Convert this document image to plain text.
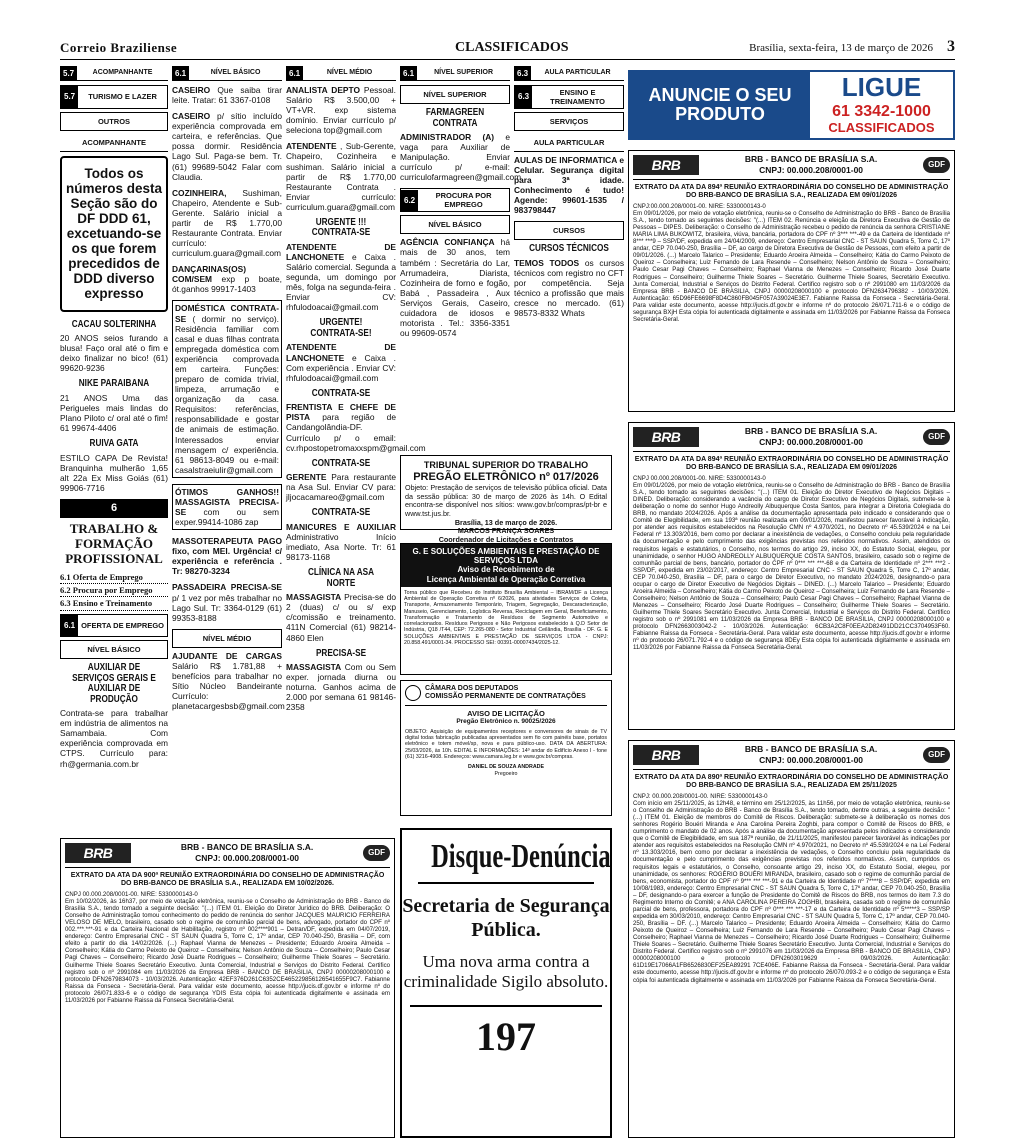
Correio Braziliense	CLASSIFICADOS	Brasília, sexta-feira, 13 de março de 2026 3
5.7	ACOMPANHANTE
5.7	TURISMO E LAZER
OUTROS
ACOMPANHANTE
Todos os números desta Seção são do DF DDD 61, excetuando-se os que forem precedidos de DDD diverso expresso
CACAU SOLTERINHA
20 ANOS seios furando a blusa! Faço oral até o fim e deixo finalizar no bico! (61) 99620-9236
NIKE PARAIBANA
21 ANOS Uma das Perigueles mais lindas do Plano Piloto c/ oral até o fim! 61 99674-4406
RUIVA GATA
ESTILO CAPA De Revista! Branquinha mulherão 1,65 alt 22a Ex Miss Goiás (61) 99906-7716
6
TRABALHO & FORMAÇÃO PROFISSIONAL
6.1 Oferta de Emprego
6.2 Procura por Emprego
6.3 Ensino e Treinamento
6.1 OFERTA DE EMPREGO
NÍVEL BÁSICO
AUXILIAR DE SERVIÇOS GERAIS E AUXILIAR DE PRODUÇÃO
Contrata-se para trabalhar em indústria de alimentos na Samambaia. Com experiência comprovada em CTPS. Currículo para: rh@germania.com.br
6.1	NÍVEL BÁSICO
CASEIRO Que saiba tirar leite. Tratar: 61 3367-0108
CASEIRO p/ sítio incluído experiência comprovada em carteira, e referências. Que possa dormir. Residência Lago Sul. Paga-se bem. Tr. (61) 99689-5042 Falar com Claudia.
COZINHEIRA, Sushiman, Chapeiro, Atendente e Sub-Gerente. Salário inicial a partir de R$ 1.770,00 Restaurante Contrata. Enviar currículo: curriculum.guara@gmail.com
DANÇARINAS(OS) COM/SEM exp p boate, ót.ganhos 99917-1403
DOMÉSTICA CONTRATA-SE ( dormir no serviço). Residência familiar com casal e duas filhas contrata empregada doméstica com experiência comprovada em carteira. Funções: preparo de comida trivial, limpeza, arrumação e organização da casa. Requisitos: referências, responsabilidade e gostar de animais de estimação. Interessados enviar mensagem c/ experiência. 61 98613-8049 ou e-mail: casalstraeiulir@gmail.com
ÓTIMOS GANHOS!! MASSAGISTA PRECISA-SE com ou sem exper.99414-1086 zap
MASSOTERAPEUTA PAGO fixo, com MEI. Urgência! c/ experiência e referência . Tr: 98270-3234
PASSADEIRA PRECISA-SE p/ 1 vez por mês trabalhar no Lago Sul. Tr: 3364-0129 (61) 99353-8188
NÍVEL MÉDIO
AJUDANTE DE CARGAS Salário R$ 1.781,88 + benefícios para trabalhar no Sítio Núcleo Bandeirante Currículo: planetacargesbsb@gmail.com
6.1	NÍVEL MÉDIO
ANALISTA DEPTO Pessoal. Salário R$ 3.500,00 + VT+VR. exp sistema domínio. Enviar currículo p/ seleciona top@gmail.com
ATENDENTE , Sub-Gerente, Chapeiro, Cozinheira e sushiman. Salário inicial a partir de R$ 1.770,00 Restaurante Contrata . Enviar currículo: curriculum.guara@gmail.com
URGENTE !!! CONTRATA-SE
ATENDENTE DE LANCHONETE e Caixa . Salário comercial. Segunda a segunda, um domingo por mês, folga na segunda-feira . Enviar CV: rhfulodoacai@gmail.com
URGENTE! CONTRATA-SE!
ATENDENTE DE LANCHONETE e Caixa . Com experiência . Enviar CV: rhfulodoacai@gmail.com
CONTRATA-SE
FRENTISTA E CHEFE DE PISTA para região de Candangolândia-DF. Currículo p/ o email: cv.rhpostopetromaxxspm@gmail.com
CONTRATA-SE
GERENTE Para restaurante na Asa Sul. Enviar CV para: jljocacamareo@gmail.com
CONTRATA-SE
MANICURES E AUXILIAR Administrativo Início imediato, Asa Norte. Tr: 61 98173-1168
CLÍNICA NA ASA NORTE
MASSAGISTA Precisa-se do 2 (duas) c/ ou s/ exp c/comissão e treinamento. 411N Comercial (61) 98214-4860 Elen
PRECISA-SE
MASSAGISTA Com ou Sem exper. jornada diurna ou noturna. Ganhos acima de 2.000 por semana 61 98146-2358
6.1	NÍVEL SUPERIOR
NÍVEL SUPERIOR
FARMAGREEN CONTRATA
ADMINISTRADOR (A) e vaga para Auxiliar de Manipulação. Enviar currículo p/ e-mail: curriculofarmagreen@gmail.com
6.2	PROCURA POR EMPREGO
NÍVEL BÁSICO
AGÊNCIA CONFIANÇA há mais de 30 anos, tem também : Secretária do Lar, Arrumadeira, Diarista, Cozinheira de forno e fogão, Babá , Passadeira , Aux Serviços Gerais, Caseiro, cuidadora de idosos e motorista . Tel.: 3356-3351 ou 99609-0574
6.3	AULA PARTICULAR
6.3	ENSINO E TREINAMENTO
SERVIÇOS
AULA PARTICULAR
AULAS DE INFORMATICA e Celular. Segurança digital para 3ª idade. Conhecimento é tudo! Agende: 99601-1535 / 983798447
CURSOS
CURSOS TÉCNICOS
TEMOS TODOS os cursos técnicos com registro no CFT por competência. Seja técnico a profissão que mais cresce no mercado. (61) 98573-8332 Whats
ANUNCIE O SEU PRODUTO
LIGUE
61 3342-1000
CLASSIFICADOS
BRB	BRB - BANCO DE BRASÍLIA S.A.
CNPJ: 00.000.208/0001-00
GDF
EXTRATO DA ATA DA 894ª REUNIÃO EXTRAORDINÁRIA DO CONSELHO DE ADMINISTRAÇÃO DO BRB-BANCO DE BRASÍLIA S.A., REALIZADA EM 09/01/2026
CNPJ:00.000.208/0001-00. NIRE: 5330000143-0
Em 09/01/2026, por meio de votação eletrônica, reuniu-se o Conselho de Administração do BRB - Banco de Brasília S.A., tendo tomado as seguintes decisões: "(...) ITEM 02. Renúncia e eleição da Diretora Executiva de Gestão de Pessoas – DIPES. Deliberação: o Conselho de Administração recebeu o pedido de renúncia da senhora CRISTIANE MARIA LIMA BUKOWITZ, brasileira, viúva, bancária, portadora do CPF nº 3*** ***-49 e da Carteira de Identidade nº 8*** ***9 – SSP/DF, expedida em 24/04/2009, endereço: Centro Empresarial CNC - ST SAUN Quadra 5, Torre C, 17º andar, CEP 70.040-250, Brasília – DF, ao cargo de Diretora Executiva de Gestão de Pessoas, com efeito a partir de 09/01/2026. (...) Marcelo Talarico – Presidente; Eduardo Aroeira Almeida – Conselheiro; Kátia do Carmo Peixoto de Queiroz – Conselheira; Luiz Fernando de Lara Resende – Conselheiro; Nelson Antônio de Souza – Conselheiro; Paulo Cesar Pagi Chaves – Conselheiro; Raphael Vianna de Menezes – Conselheiro; Ricardo José Duarte Rodrigues – Conselheiro; Guilherme Thiele Soares – Secretário. Guilherme Thiele Soares, Secretário Executivo. Junta Comercial, Industrial e Serviços do Distrito Federal. Certifico registro sob o nº 2991080 em 11/03/2026 da Empresa BRB - BANCO DE BRASILIA, CNPJ 00000208000100 e protocolo DFN2634796382 - 10/03/2026. Autenticação: 65D96FE6698F8D4C860FB045F057A39024E3E7. Fabianne Raissa da Fonseca - Secretária-Geral. Para validar este documento, acesse http://jucis.df.gov.br e informe nº do protocolo 26/071.711-6 e o código de segurança BXjH Esta cópia foi autenticada digitalmente e assinada em 11/03/2026 por Fabianne Raissa da Fonseca Secretária-Geral.
BRB	BRB - BANCO DE BRASÍLIA S.A.
CNPJ: 00.000.208/0001-00
GDF
EXTRATO DA ATA DA 894ª REUNIÃO EXTRAORDINÁRIA DO CONSELHO DE ADMINISTRAÇÃO DO BRB-BANCO DE BRASÍLIA S.A., REALIZADA EM 09/01/2026
CNPJ 00.000.208/0001-00. NIRE: 5330000143-0
Em 09/01/2026, por meio de votação eletrônica, reuniu-se o Conselho de Administração do BRB - Banco de Brasília S.A., tendo tomado as seguintes decisões: "(...) ITEM 01. Eleição do Diretor Executivo de Negócios Digitais – DINED. Deliberação: considerando a vacância do cargo de Diretor Executivo de Negócios Digitais, submete-se à deliberação o nome do senhor Hugo Andreolly Albuquerque Costa Santos, para integrar a Diretoria Colegiada do BRB, no mandato 2024/2026. Após a análise da documentação apresentada pelo indicado e considerando que o Comitê de Elegibilidade, em sua 193ª reunião realizada em 09/01/2026, manifestou parecer favorável à indicação, por atender aos requisitos estabelecidos na Resolução CMN nº 4.970/2021, no Decreto nº 45.539/2024 e na Lei Federal nº 13.303/2016, bem como por declarar a inexistência de vedações, o Conselho concluiu pela regularidade da documentação e pelo cumprimento das exigências previstas nos referidos normativos. Assim, atendidos os requisitos legais e estatutários, o Conselho, nos termos do artigo 29, inciso XX, do Estatuto Social, elegeu, por unanimidade, o senhor HUGO ANDREOLLY ALBUQUERQUE COSTA SANTOS, brasileiro, casado sob o regime de comunhão parcial de bens, bancário, portador do CPF nº 0*** *** ***-68 e da Carteira de Identidade nº 2*** ***2 - SSP/DF, expedida em 23/02/2017, endereço: Centro Empresarial CNC - ST SAUN Quadra 5, Torre C, 17º andar, CEP 70.040-250, Brasília – DF, para o cargo de Diretor Executivo, no mandato 2024/2026, designando-o para ocupar o cargo de Diretor Executivo de Negócios Digitais – DINED. (...) Marcelo Talarico – Presidente; Eduardo Aroeira Almeida – Conselheiro; Kátia do Carmo Peixoto de Queiroz – Conselheira; Luiz Fernando de Lara Resende – Conselheiro; Nelson Antônio de Souza – Conselheiro; Paulo Cesar Pagi Chaves – Conselheiro; Raphael Vianna de Menezes – Conselheiro; Ricardo José Duarte Rodrigues – Conselheiro; Guilherme Thiele Soares – Secretário. Guilherme Thiele Soares Secretário Executivo. Junta Comercial, Industrial e Serviços do Distrito Federal. Certifico registro sob o nº 2991081 em 11/03/2026 da Empresa BRB - BANCO DE BRASILIA, CNPJ 00000208000100 e protocolo DFN2663003042-2 - 10/03/2026. Autenticação: 6CB3A2C8F0EEA2D82491DD21CC3704953F60. Fabianne Raissa da Fonseca - Secretária-Geral. Para validar este documento, acesse http://jucis.df.gov.br e informe nº do protocolo 26/071.792-4 e o código de segurança 8DEy Esta cópia foi autenticada digitalmente e assinada em 11/03/2026 por Fabianne Raissa da Fonseca Secretária-Geral.
BRB	BRB - BANCO DE BRASÍLIA S.A.
CNPJ: 00.000.208/0001-00
GDF
EXTRATO DA ATA DA 890ª REUNIÃO EXTRAORDINÁRIA DO CONSELHO DE ADMINISTRAÇÃO DO BRB-BANCO DE BRASÍLIA S.A., REALIZADA EM 25/11/2025
CNPJ: 00.000.208/0001-00. NIRE: 5330000143-0
Com início em 25/11/2025, às 12h48, e término em 25/12/2025, às 11h56, por meio de votação eletrônica, reuniu-se o Conselho de Administração do BRB - Banco de Brasília S.A., tendo tomado, dentre outras, a seguinte decisão: "(...) ITEM 01. Eleição de membros do Comitê de Riscos. Deliberação: submete-se à deliberação os nomes dos senhores Rogério Bouéri Miranda e Ana Carolina Pereira Zoghbi, para compor o Comitê de Riscos do BRB, e cumprimento o mandato de 02 anos. Após a análise da documentação apresentada pelos indicados e considerando que o Comitê de Elegibilidade, em sua 187ª reunião, de 21/11/2025, manifestou parecer favorável às indicações por atender aos requisitos estabelecidos na Resolução CMN nº 4.970/2021, no Decreto nº 45.539/2024 e na Lei Federal nº 13.303/2016, bem como por declarar a inexistência de vedações, o Conselho concluiu pela regularidade da documentação e pelo cumprimento das exigências previstas nos referidos normativos. Assim, cumpridos os requisitos legais e estatutários, o Conselho, consoante artigo 29, inciso XX, do Estatuto Social, elegeu, por unanimidade, os senhores: ROGÉRIO BOUÉRI MIRANDA, brasileiro, casado sob o regime de comunhão parcial de bens, economista, portador do CPF nº 9*** *** ***-91 e da Carteira de Identidade nº 7****8 – SSP/DF, expedida em 10/08/1983, endereço: Centro Empresarial CNC - ST SAUN Quadra 5, Torre C, 17º andar, CEP 70.040-250, Brasília – DF, designando-o para exercer a função de Presidente do Comitê de Riscos do BRB, nos termos do item 7.3 do Regimento Interno do Comitê; e ANA CAROLINA PEREIRA ZOGHBI, brasileira, casada sob o regime de comunhão parcial de bens, professora, portadora do CPF nº 0*** *** ***-17 e da Carteira de Identidade nº 5*****3 – SSP/SP expedida em 30/03/2010, endereço: Centro Empresarial CNC - ST SAUN Quadra 5, Torre C, 17º andar, CEP 70.040-250, Brasília – DF. (...) Marcelo Talarico – Presidente; Eduardo Aroeira Almeida – Conselheiro; Kátia do Carmo Peixoto de Queiroz – Conselheira; Luiz Fernando de Lara Resende – Conselheiro; Paulo Cesar Pagi Chaves – Conselheiro; Raphael Vianna de Menezes – Conselheiro; Ricardo José Duarte Rodrigues – Conselheiro; Guilherme Thiele Soares – Secretário. Guilherme Thiele Soares Secretário Executivo. Junta Comercial, Industrial e Serviços do Distrito Federal. Certifico registro sob o nº 2991076 em 11/03/2026 da Empresa BRB - BANCO DE BRASILIA, CNPJ 00000208000100 e protocolo DFN2603019629 - 09/03/2026. Autenticação: 61D19E17066A1FB6526830EF25EA89291 7CE406E. Fabianne Raissa da Fonseca - Secretária-Geral. Para validar este documento, acesse http://jucis.df.gov.br e informe nº do protocolo 26/070.093-2 e o código de segurança e Esta cópia foi autenticada digitalmente e assinada em 11/03/2026 por Fabianne Raissa da Fonseca Secretária-Geral.
BRB	BRB - BANCO DE BRASÍLIA S.A.
CNPJ: 00.000.208/0001-00
GDF
EXTRATO DA ATA DA 900ª REUNIÃO EXTRAORDINÁRIA DO CONSELHO DE ADMINISTRAÇÃO DO BRB-BANCO DE BRASÍLIA S.A., REALIZADA EM 10/02/2026.
CNPJ 00.000.208/0001-00. NIRE: 5330000143-0
Em 10/02/2026, às 16h37, por meio de votação eletrônica, reuniu-se o Conselho de Administração do BRB - Banco de Brasília S.A., tendo tomado a seguinte decisão: "(...) ITEM 01. Eleição do Diretor Jurídico do BRB. Deliberação: O Conselho de Administração tomou conhecimento do pedido de renúncia do senhor JACQUES MAURICIO FERREIRA VELOSO DE MELO, brasileiro, casado sob o regime de comunhão parcial de bens, advogado, portador do CPF nº 002.***.***-91 e da Carteira Nacional de Habilitação, registro nº 002****901 – Detran/DF, expedida em 04/07/2019, endereço: Centro Empresarial CNC - ST SAUN Quadra 5, Torre C, 17º andar, CEP 70.040-250, Brasília – DF, com efeito a partir do dia 14/02/2026. (...) Raphael Vianna de Menezes – Presidente; Eduardo Aroeira Almeida – Conselheiro; Kátia do Carmo Peixoto de Queiroz – Conselheira; Nelson Antônio de Souza – Conselheiro; Paulo Cesar Pagi Chaves – Conselheiro; Ricardo José Duarte Rodrigues – Conselheiro; Guilherme Thiele Soares – Secretário. Guilherme Thiele Soares Secretário Executivo. Junta Comercial, Industrial e Serviços do Distrito Federal. Certifico registro sob o nº 2991084 em 11/03/2026 da Empresa BRB - BANCO DE BRASILIA, CNPJ 00000208000100 e protocolo DFN2679834073 - 10/03/2026. Autenticação: 42EF376D261C6352CE465229856126541655F9C7. Fabianne Raissa da Fonseca - Secretária-Geral. Para validar este documento, acesse http://jucis.df.gov.br e informe nº do protocolo 26/071.833-6 e o código de segurança YDIS Esta cópia foi autenticada digitalmente e assinada em 11/03/2026 por Fabianne Raissa da Fonseca Secretária-Geral.
TRIBUNAL SUPERIOR DO TRABALHO
PREGÃO ELETRÔNICO nº 017/2026
Objeto: Prestação de serviços de televisão pública oficial. Data da sessão pública: 30 de março de 2026 às 14h. O Edital encontra-se disponível nos sítios: www.gov.br/compras/pt-br e www.tst.jus.br.
Brasília, 13 de março de 2026.
MARCOS FRANÇA SOARES
Coordenador de Licitações e Contratos
G. E SOLUÇÕES AMBIENTAIS E PRESTAÇÃO DE SERVIÇOS LTDA
Aviso de Recebimento de
Licença Ambiental de Operação Corretiva
Torna público que Recebeu do Instituto Brasília Ambiental – IBRAM/DF a Licença Ambiental de Operação Corretiva nº 6/2026, para atividades Serviços de Coleta, Transporte, Armazenamento Temporário, Triagem, Segregação, Descaracterização, Manuseio, Gerenciamento, Logística Reversa, Reciclagem em Geral, Beneficiamento, Transformação e Tratamento de Resíduos de Segmento Automotivo e correlacionados. Resíduos Perigosos e Não Perigosos estabelecido à Q.D Setor de Indústria, Q18 /T44, CEP: 72.265-080 - Setor Industrial Ceilândia, Brasília - DF. G. E SOLUÇÕES AMBIENTAIS E PRESTAÇÃO DE SERVIÇOS LTDA - CNPJ: 20.858.491/0001-34. PROCESSO SEI: 00391-00007434/2025-12.
CÂMARA DOS DEPUTADOS
COMISSÃO PERMANENTE DE CONTRATAÇÕES
AVISO DE LICITAÇÃO
Pregão Eletrônico n. 90025/2026
OBJETO: Aquisição de equipamentos receptores e conversores de sinais de TV digital todas fabricação publicadas apresentados sem fio com painéis base, portatos eletrônico e totem móvel/sp, nova e para público-uso. DATA DA ABERTURA: 25/03/2026, às 10h. EDITAL E INFORMAÇÕES: 14º andar do Edifício Anexo I - fone (61) 3216-4908. Endereços: www.camara.leg.br e www.gov.br/compras.
DANIEL DE SOUZA ANDRADE
Pregoeiro
Disque-Denúncia
Secretaria de Segurança Pública.
Uma nova arma contra a criminalidade Sigilo absoluto.
197
